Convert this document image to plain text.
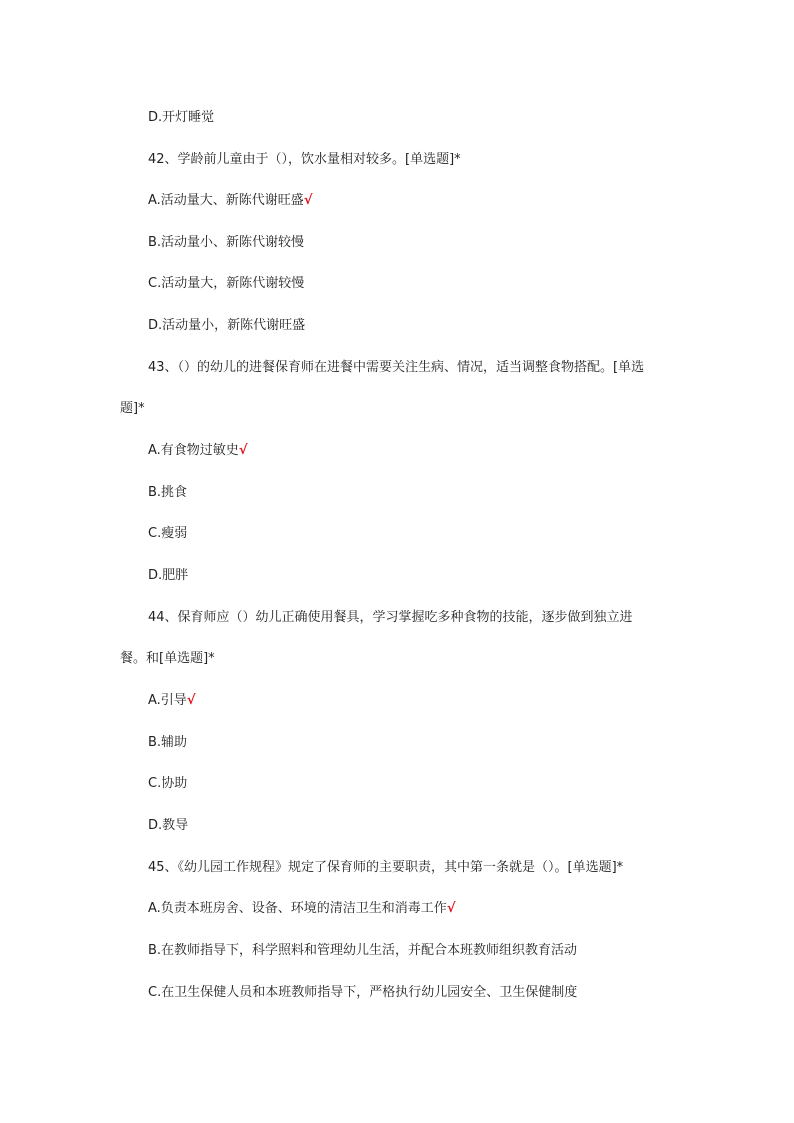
D.开灯睡觉
42、学龄前儿童由于（），饮水量相对较多。[单选题]*
A.活动量大、新陈代谢旺盛√
B.活动量小、新陈代谢较慢
C.活动量大，新陈代谢较慢
D.活动量小，新陈代谢旺盛
43、（）的幼儿的进餐保育师在进餐中需要关注生病、情况，适当调整食物搭配。[单选
题]*
A.有食物过敏史√
B.挑食
C.瘦弱
D.肥胖
44、保育师应（）幼儿正确使用餐具，学习掌握吃多种食物的技能，逐步做到独立进
餐。和[单选题]*
A.引导√
B.辅助
C.协助
D.教导
45、《幼儿园工作规程》规定了保育师的主要职责，其中第一条就是（）。[单选题]*
A.负责本班房舍、设备、环境的清洁卫生和消毒工作√
B.在教师指导下，科学照料和管理幼儿生活，并配合本班教师组织教育活动
C.在卫生保健人员和本班教师指导下，严格执行幼儿园安全、卫生保健制度
